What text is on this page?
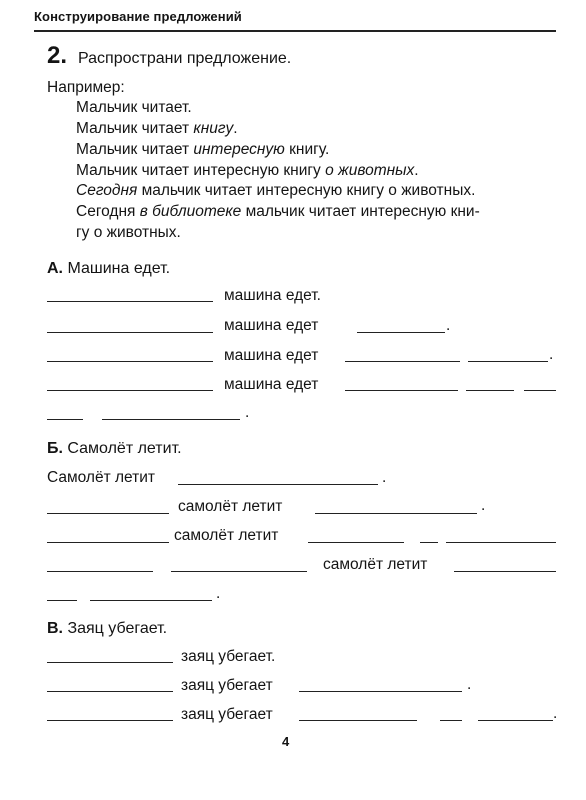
Конструирование предложений
2. Распространи предложение.
Например:
Мальчик читает.
Мальчик читает книгу.
Мальчик читает интересную книгу.
Мальчик читает интересную книгу о животных.
Сегодня мальчик читает интересную книгу о животных.
Сегодня в библиотеке мальчик читает интересную кни-
гу о животных.
А. Машина едет.
машина едет.
машина едет	.
машина едет	.
машина едет
.
Б. Самолёт летит.
Самолёт летит	.
самолёт летит	.
самолёт летит
самолёт летит
.
В. Заяц убегает.
заяц убегает.
заяц убегает	.
заяц убегает	.
4
